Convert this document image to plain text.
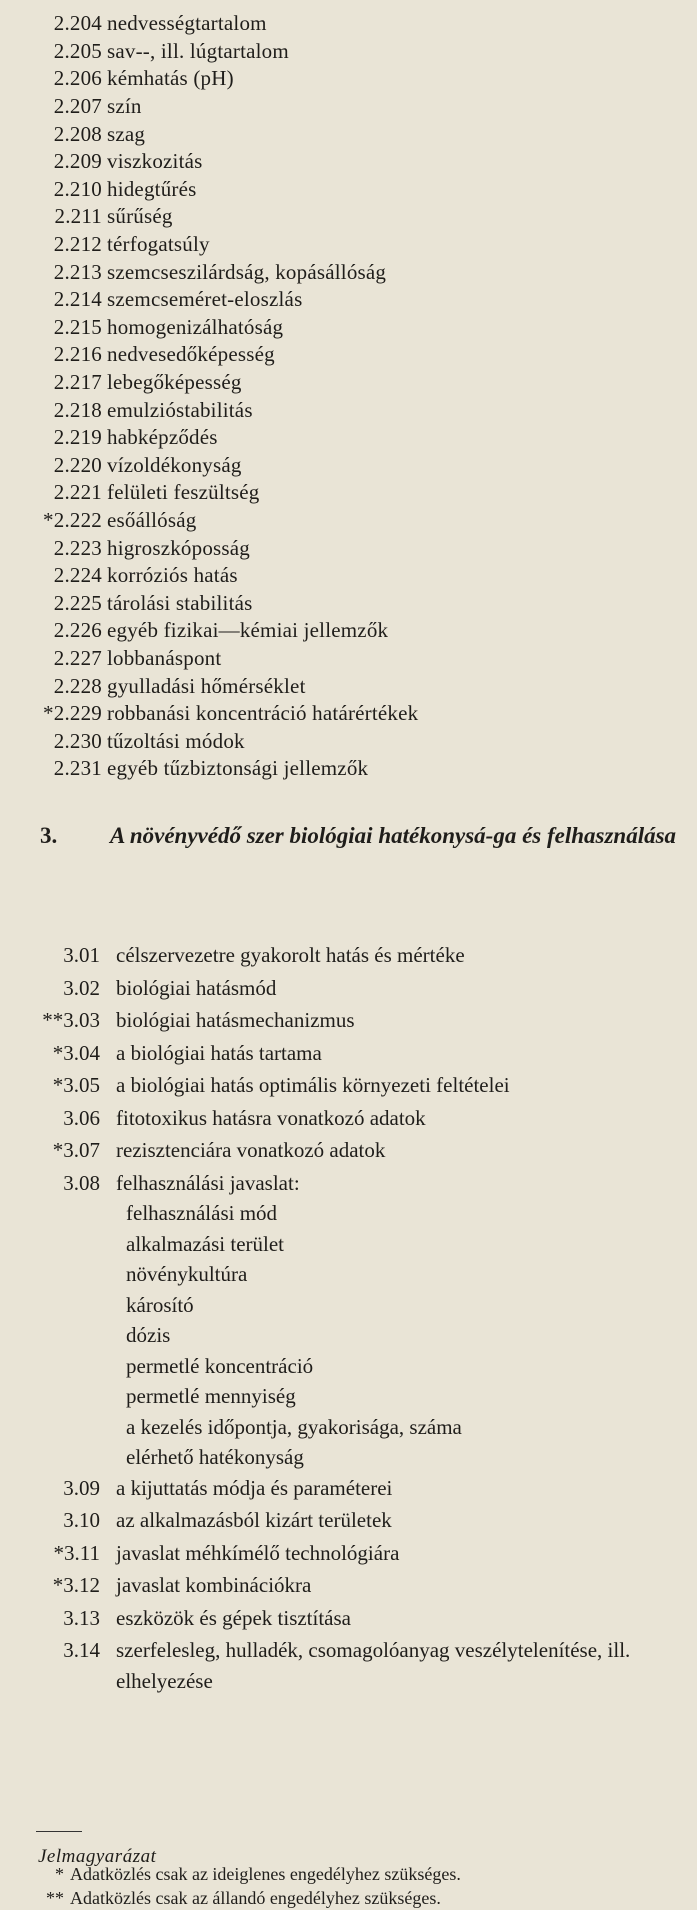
2.204 nedvességtartalom
2.205 sav--, ill. lúgtartalom
2.206 kémhatás (pH)
2.207 szín
2.208 szag
2.209 viszkozitás
2.210 hidegtűrés
2.211 sűrűség
2.212 térfogatsúly
2.213 szemcseszilárdság, kopásállóság
2.214 szemcseméret-eloszlás
2.215 homogenizálhatóság
2.216 nedvesedőképesség
2.217 lebegőképesség
2.218 emulzióstabilitás
2.219 habképződés
2.220 vízoldékonyság
2.221 felületi feszültség
*2.222 esőállóság
2.223 higroszkóposság
2.224 korróziós hatás
2.225 tárolási stabilitás
2.226 egyéb fizikai—kémiai jellemzők
2.227 lobbanáspont
2.228 gyulladási hőmérséklet
*2.229 robbanási koncentráció határértékek
2.230 tűzoltási módok
2.231 egyéb tűzbiztonsági jellemzők
3. A növényvédő szer biológiai hatékonysá-ga és felhasználása
3.01 célszervezetre gyakorolt hatás és mértéke
3.02 biológiai hatásmód
**3.03 biológiai hatásmechanizmus
*3.04 a biológiai hatás tartama
*3.05 a biológiai hatás optimális környezeti feltételei
3.06 fitotoxikus hatásra vonatkozó adatok
*3.07 rezisztenciára vonatkozó adatok
3.08 felhasználási javaslat:
felhasználási mód
alkalmazási terület
növénykultúra
károsító
dózis
permetlé koncentráció
permetlé mennyiség
a kezelés időpontja, gyakorisága, száma
elérhető hatékonyság
3.09 a kijuttatás módja és paraméterei
3.10 az alkalmazásból kizárt területek
*3.11 javaslat méhkímélő technológiára
*3.12 javaslat kombinációkra
3.13 eszközök és gépek tisztítása
3.14 szerfelesleg, hulladék, csomagolóanyag veszélytelenítése, ill. elhelyezése
Jelmagyarázat
* Adatközlés csak az ideiglenes engedélyhez szükséges.
** Adatközlés csak az állandó engedélyhez szükséges.
